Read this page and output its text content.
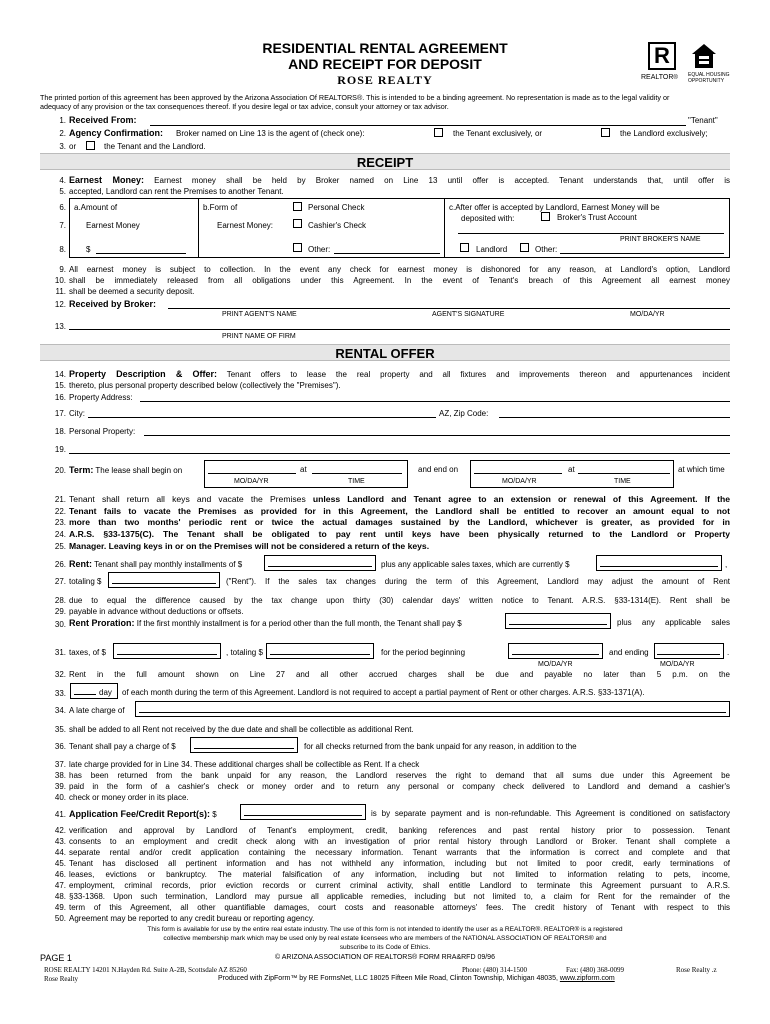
RESIDENTIAL RENTAL AGREEMENT
AND RECEIPT FOR DEPOSIT
ROSE REALTY
R
REALTOR® EQUAL HOUSING
OPPORTUNITY
The printed portion of this agreement has been approved by the Arizona Association Of REALTORS®. This is intended to be a binding agreement. No representation is made as to the legal validity or
adequacy of any provision or the tax consequences thereof. If you desire legal or tax advice, consult your attorney or tax advisor.
1. Received From:	"Tenant"
2. Agency Confirmation: Broker named on Line 13 is the agent of (check one):	the Tenant exclusively, or	the Landlord exclusively;
3. or	the Tenant and the Landlord.
RECEIPT
4. Earnest Money: Earnest money shall be held by Broker named on Line 13 until offer is accepted. Tenant understands that, until offer is
5. accepted, Landlord can rent the Premises to another Tenant.
6. a.Amount of	b.Form of	Personal Check	c.After offer is accepted by Landlord, Earnest Money will be
7.	Earnest Money	Earnest Money:	Cashier's Check
deposited with:	Broker's Trust Account
PRINT BROKER'S NAME
8.	$	Other:	Landlord	Other:
9. All earnest money is subject to collection. In the event any check for earnest money is dishonored for any reason, at Landlord's option, Landlord
10. shall be immediately released from all obligations under this Agreement. In the event of Tenant's breach of this Agreement all earnest money
11. shall be deemed a security deposit.
12. Received by Broker:
PRINT AGENT'S NAME	AGENT'S SIGNATURE	MO/DA/YR
13.
PRINT NAME OF FIRM
RENTAL OFFER
14. Property Description & Offer: Tenant offers to lease the real property and all fixtures and improvements thereon and appurtenances incident
15. thereto, plus personal property described below (collectively the "Premises").
16. Property Address:
17. City:	AZ, Zip Code:
18. Personal Property:
19.
20. Term: The lease shall begin on	at
MO/DA/YR	TIME
and end on	at
MO/DA/YR	TIME
at which time
21. Tenant shall return all keys and vacate the Premises unless Landlord and Tenant agree to an extension or renewal of this Agreement. If the
22. Tenant fails to vacate the Premises as provided for in this Agreement, the Landlord shall be entitled to recover an amount equal to not
23. more than two months' periodic rent or twice the actual damages sustained by the Landlord, whichever is greater, as provided for in
24. A.R.S. §33-1375(C). The Tenant shall be obligated to pay rent until keys have been physically returned to the Landlord or Property
25. Manager. Leaving keys in or on the Premises will not be considered a return of the keys.
26. Rent: Tenant shall pay monthly installments of $	plus any applicable sales taxes, which are currently $	,
27. totaling $	("Rent"). If the sales tax changes during the term of this Agreement, Landlord may adjust the amount of Rent
28. due to equal the difference caused by the tax change upon thirty (30) calendar days' written notice to Tenant. A.R.S. §33-1314(E). Rent shall be
29. payable in advance without deductions or offsets.
30. Rent Proration: If the first monthly installment is for a period other than the full month, the Tenant shall pay $	plus any applicable sales
31. taxes, of $	, totaling $	for the period beginning
MO/DA/YR
and ending
MO/DA/YR
.
32. Rent in the full amount shown on Line 27 and all other accrued charges shall be due and payable no later than 5 p.m. on the
33.	day of each month during the term of this Agreement. Landlord is not required to accept a partial payment of Rent or other charges. A.R.S. §33-1371(A).
34. A late charge of
35. shall be added to all Rent not received by the due date and shall be collectible as additional Rent.
36. Tenant shall pay a charge of $	for all checks returned from the bank unpaid for any reason, in addition to the
37. late charge provided for in Line 34. These additional charges shall be collectible as Rent. If a check
38. has been returned from the bank unpaid for any reason, the Landlord reserves the right to demand that all sums due under this Agreement be
39. paid in the form of a cashier's check or money order and to return any personal or company check delivered to Landlord and demand a cashier's
40. check or money order in its place.
41. Application Fee/Credit Report(s): $	is by separate payment and is non-refundable. This Agreement is conditioned on satisfactory
42. verification and approval by Landlord of Tenant's employment, credit, banking references and past rental history prior to possession. Tenant
43. consents to an employment and credit check along with an investigation of prior rental history through Landlord or Broker. Tenant shall complete a
44. separate rental and/or credit application containing the necessary information. Tenant warrants that the information is correct and complete and that
45. Tenant has disclosed all pertinent information and has not withheld any information, including but not limited to poor credit, early terminations of
46. leases, evictions or bankruptcy. The material falsification of any information, including but not limited to information relating to pets, income,
47. employment, criminal records, prior eviction records or current criminal activity, shall entitle Landlord to terminate this Agreement pursuant to A.R.S.
48. §33-1368. Upon such termination, Landlord may pursue all applicable remedies, including but not limited to, a claim for Rent for the remainder of the
49. term of this Agreement, all other quantifiable damages, court costs and reasonable attorneys' fees. The credit history of Tenant with respect to this
50. Agreement may be reported to any credit bureau or reporting agency.
This form is available for use by the entire real estate industry. The use of this form is not intended to identify the user as a REALTOR®. REALTOR® is a registered
collective membership mark which may be used only by real estate licensees who are members of the NATIONAL ASSOCIATION OF REALTORS® and
subscribe to its Code of Ethics.
PAGE 1	© ARIZONA ASSOCIATION OF REALTORS® FORM RRA&RFD 09/96
ROSE REALTY 14201 N.Hayden Rd. Suite A-2B, Scottsdale AZ 85260	Phone: (480) 314-1500	Fax: (480) 368-0099	Rose Realty .z
Rose Realty	Produced with ZipForm™ by RE FormsNet, LLC 18025 Fifteen Mile Road, Clinton Township, Michigan 48035, www.zipform.com
